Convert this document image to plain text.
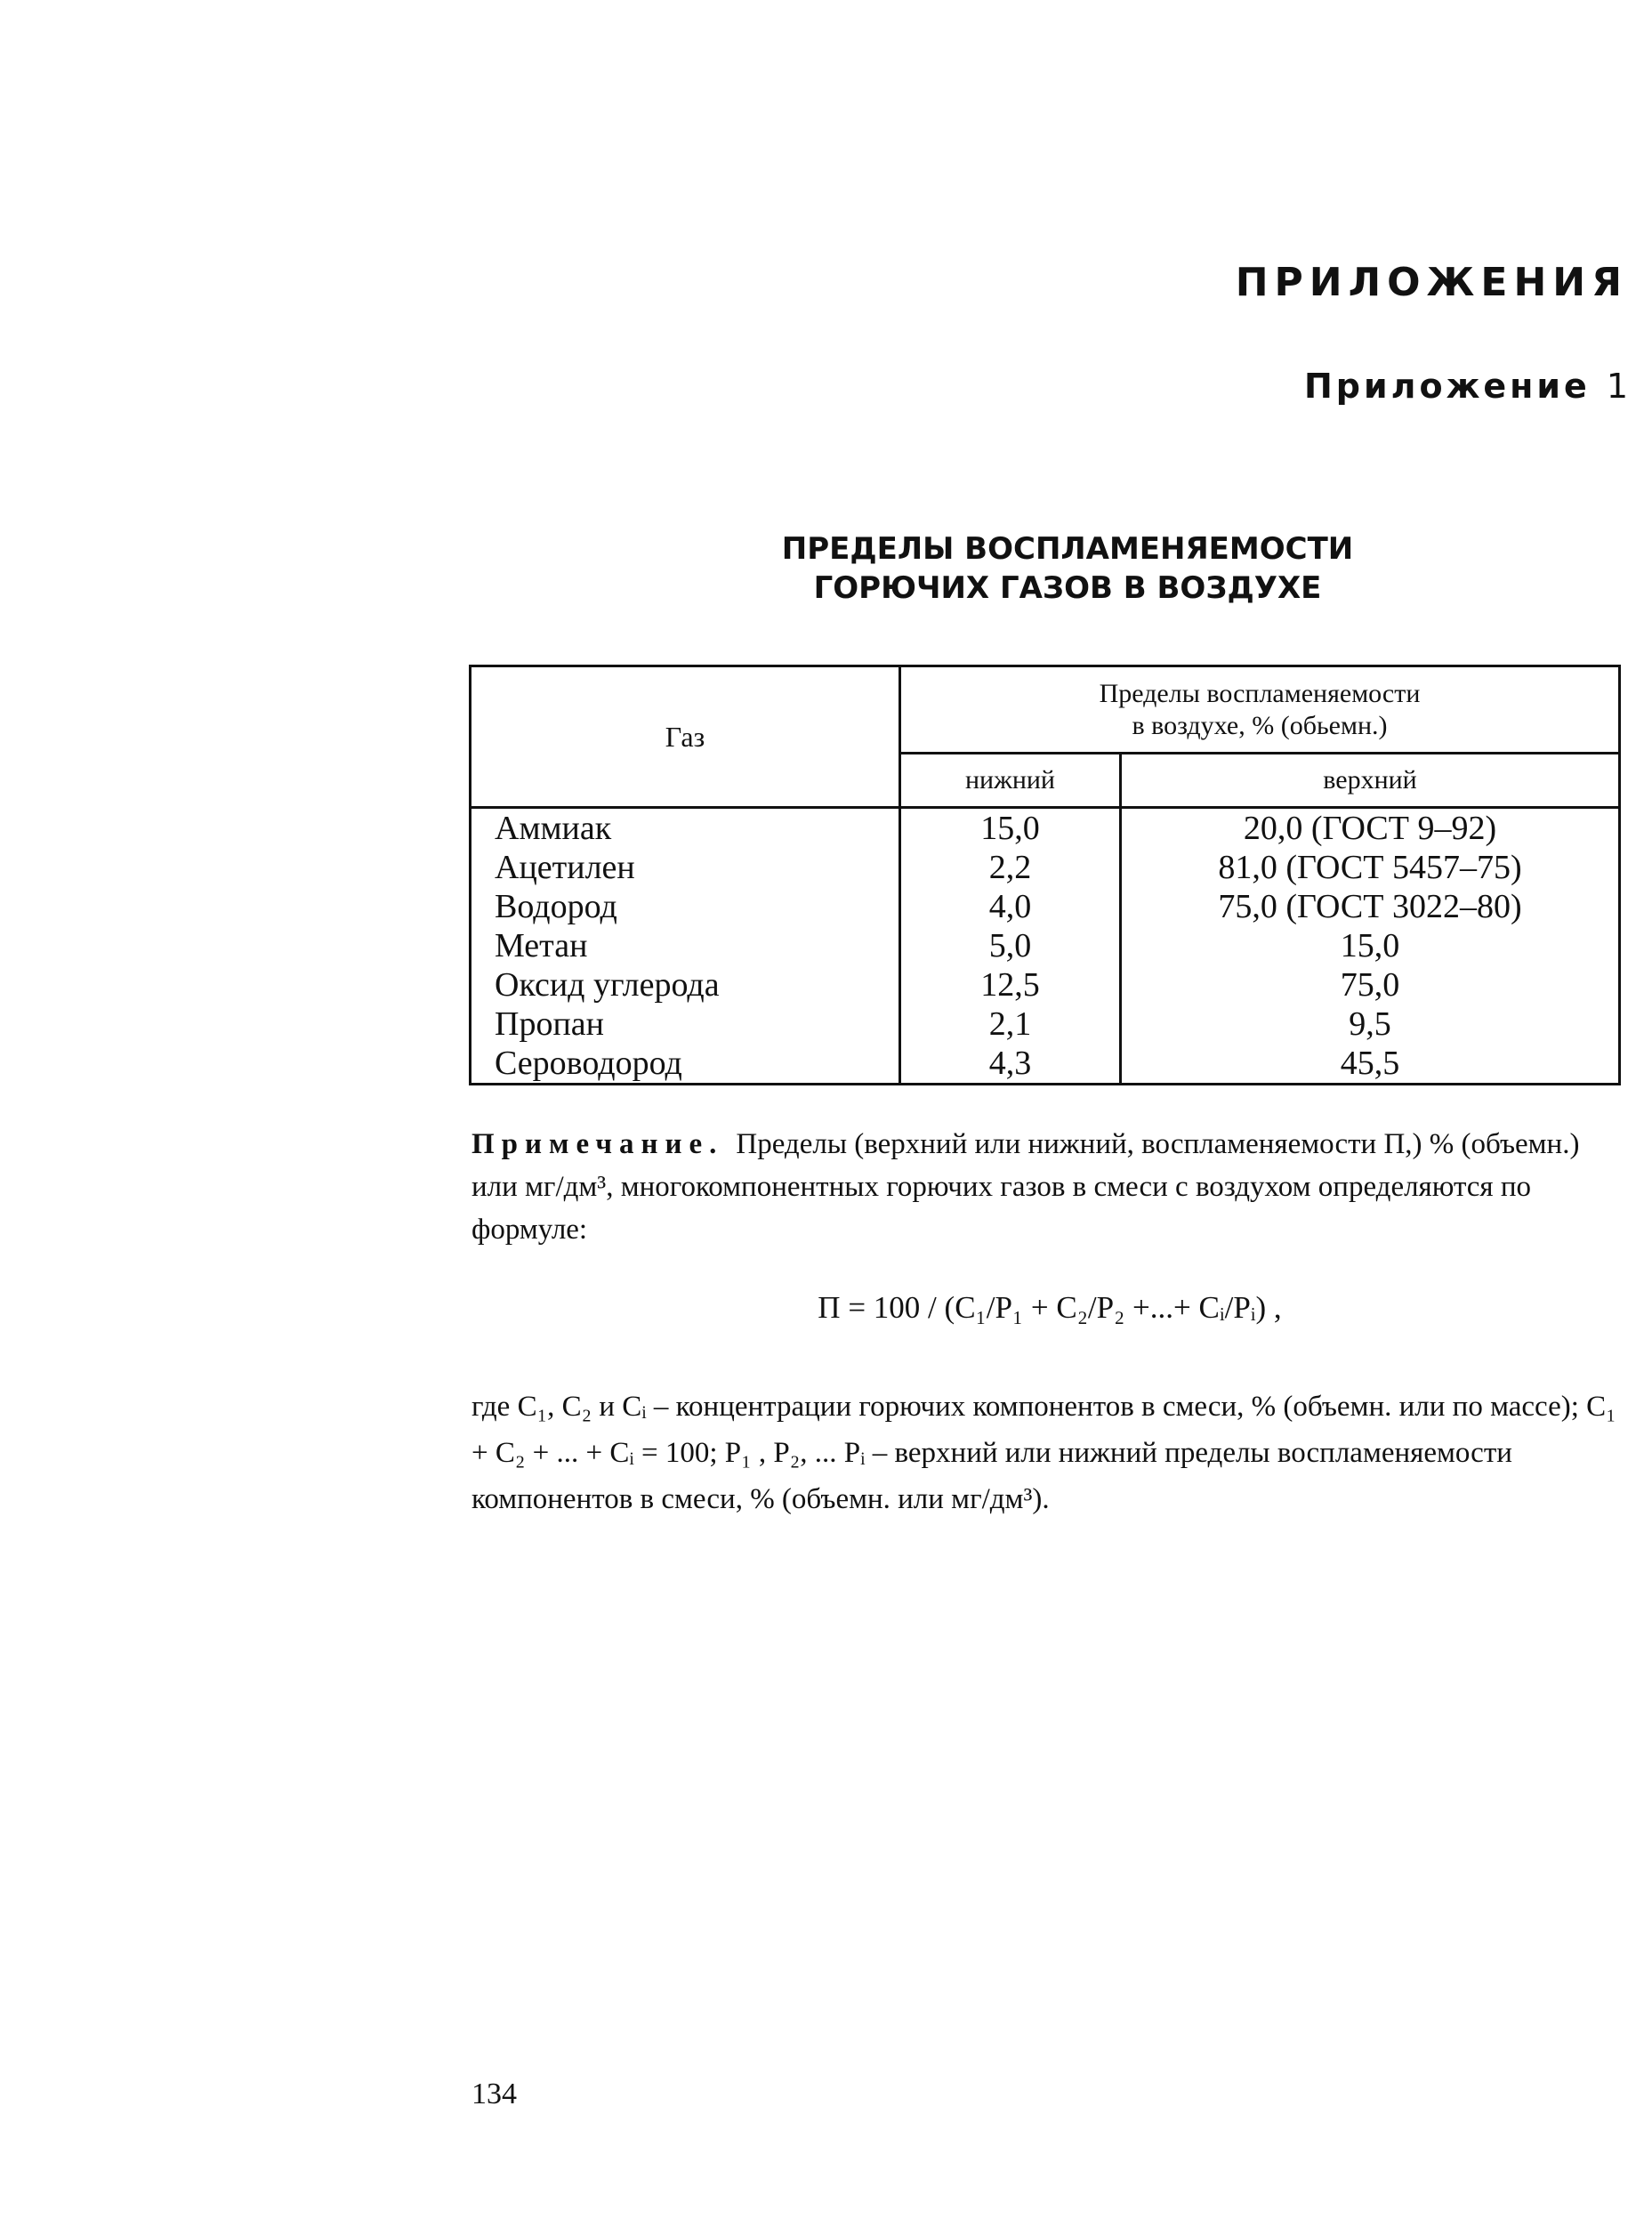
ПРИЛОЖЕНИЯ
Приложение 1
ПРЕДЕЛЫ ВОСПЛАМЕНЯЕМОСТИ
ГОРЮЧИХ ГАЗОВ В ВОЗДУХЕ
Газ	Пределы воспламеняемости
в воздухе, % (обьемн.)	

	нижний	верхний
Аммиак	15,0	20,0 (ГОСТ 9–92)
Ацетилен	2,2	81,0 (ГОСТ 5457–75)
Водород	4,0	75,0 (ГОСТ 3022–80)
Метан	5,0	15,0
Оксид углерода	12,5	75,0
Пропан	2,1	9,5
Сероводород	4,3	45,5
Примечание. Пределы (верхний или нижний, воспламеняемости П,) % (объемн.) или мг/дм³, многокомпонентных горючих газов в смеси с воздухом определяются по формуле:
П = 100 / (C₁/P₁ + C₂/P₂ +...+ Cᵢ/Pᵢ) ,
где C₁, C₂ и Cᵢ – концентрации горючих компонентов в смеси, % (объемн. или по массе); C₁ + C₂ + ... + Cᵢ = 100; P₁ , P₂, ... Pᵢ – верхний или нижний пределы воспламеняемости компонентов в смеси, % (объемн. или мг/дм³).
134
